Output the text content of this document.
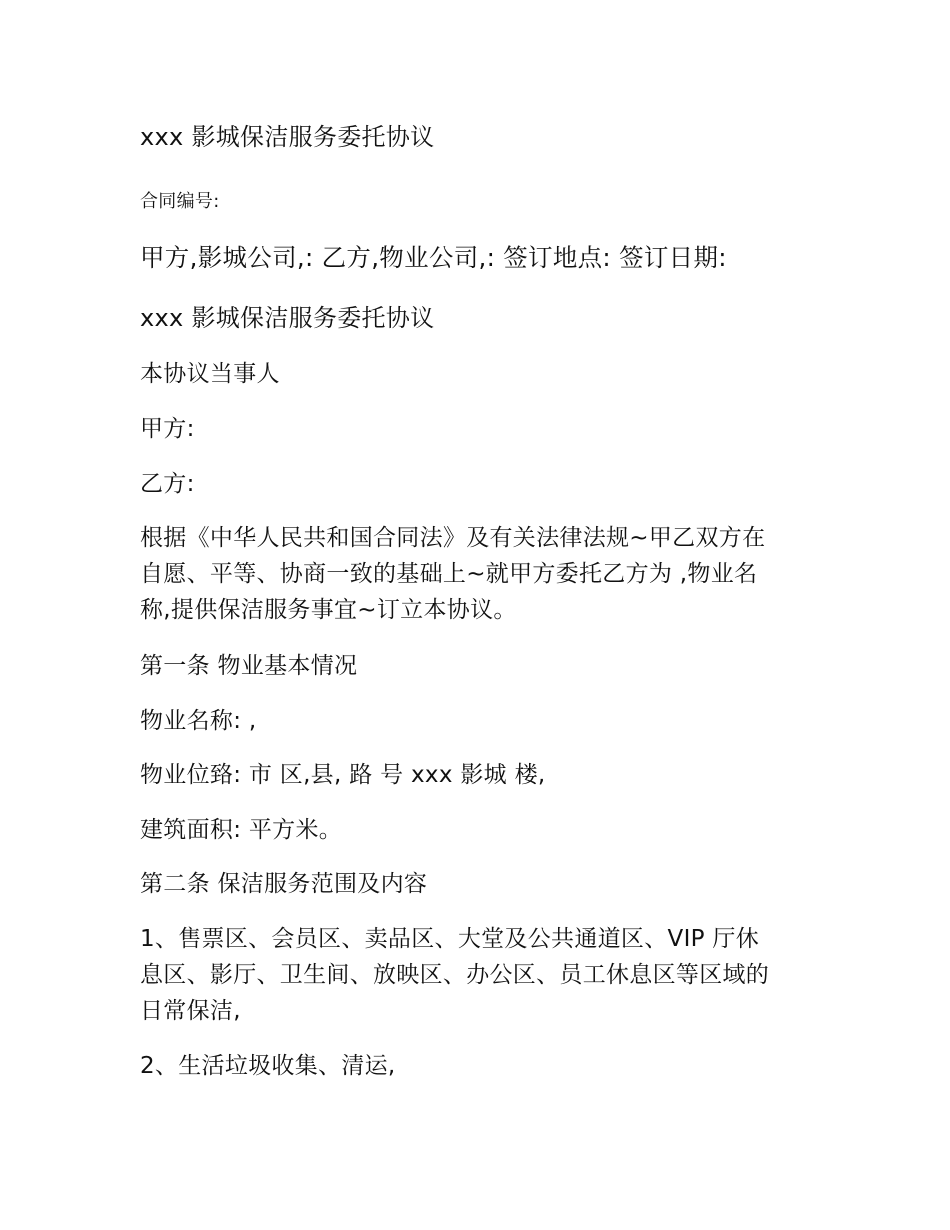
xxx 影城保洁服务委托协议
合同编号:
甲方,影城公司,: 乙方,物业公司,: 签订地点: 签订日期:
xxx 影城保洁服务委托协议
本协议当事人
甲方:
乙方:
根据《中华人民共和国合同法》及有关法律法规~甲乙双方在
自愿、平等、协商一致的基础上~就甲方委托乙方为 ,物业名
称,提供保洁服务事宜~订立本协议。
第一条 物业基本情况
物业名称: ,
物业位臵: 市 区,县, 路 号 xxx 影城 楼,
建筑面积: 平方米。
第二条 保洁服务范围及内容
1、售票区、会员区、卖品区、大堂及公共通道区、VIP 厅休
息区、影厅、卫生间、放映区、办公区、员工休息区等区域的
日常保洁,
2、生活垃圾收集、清运,
